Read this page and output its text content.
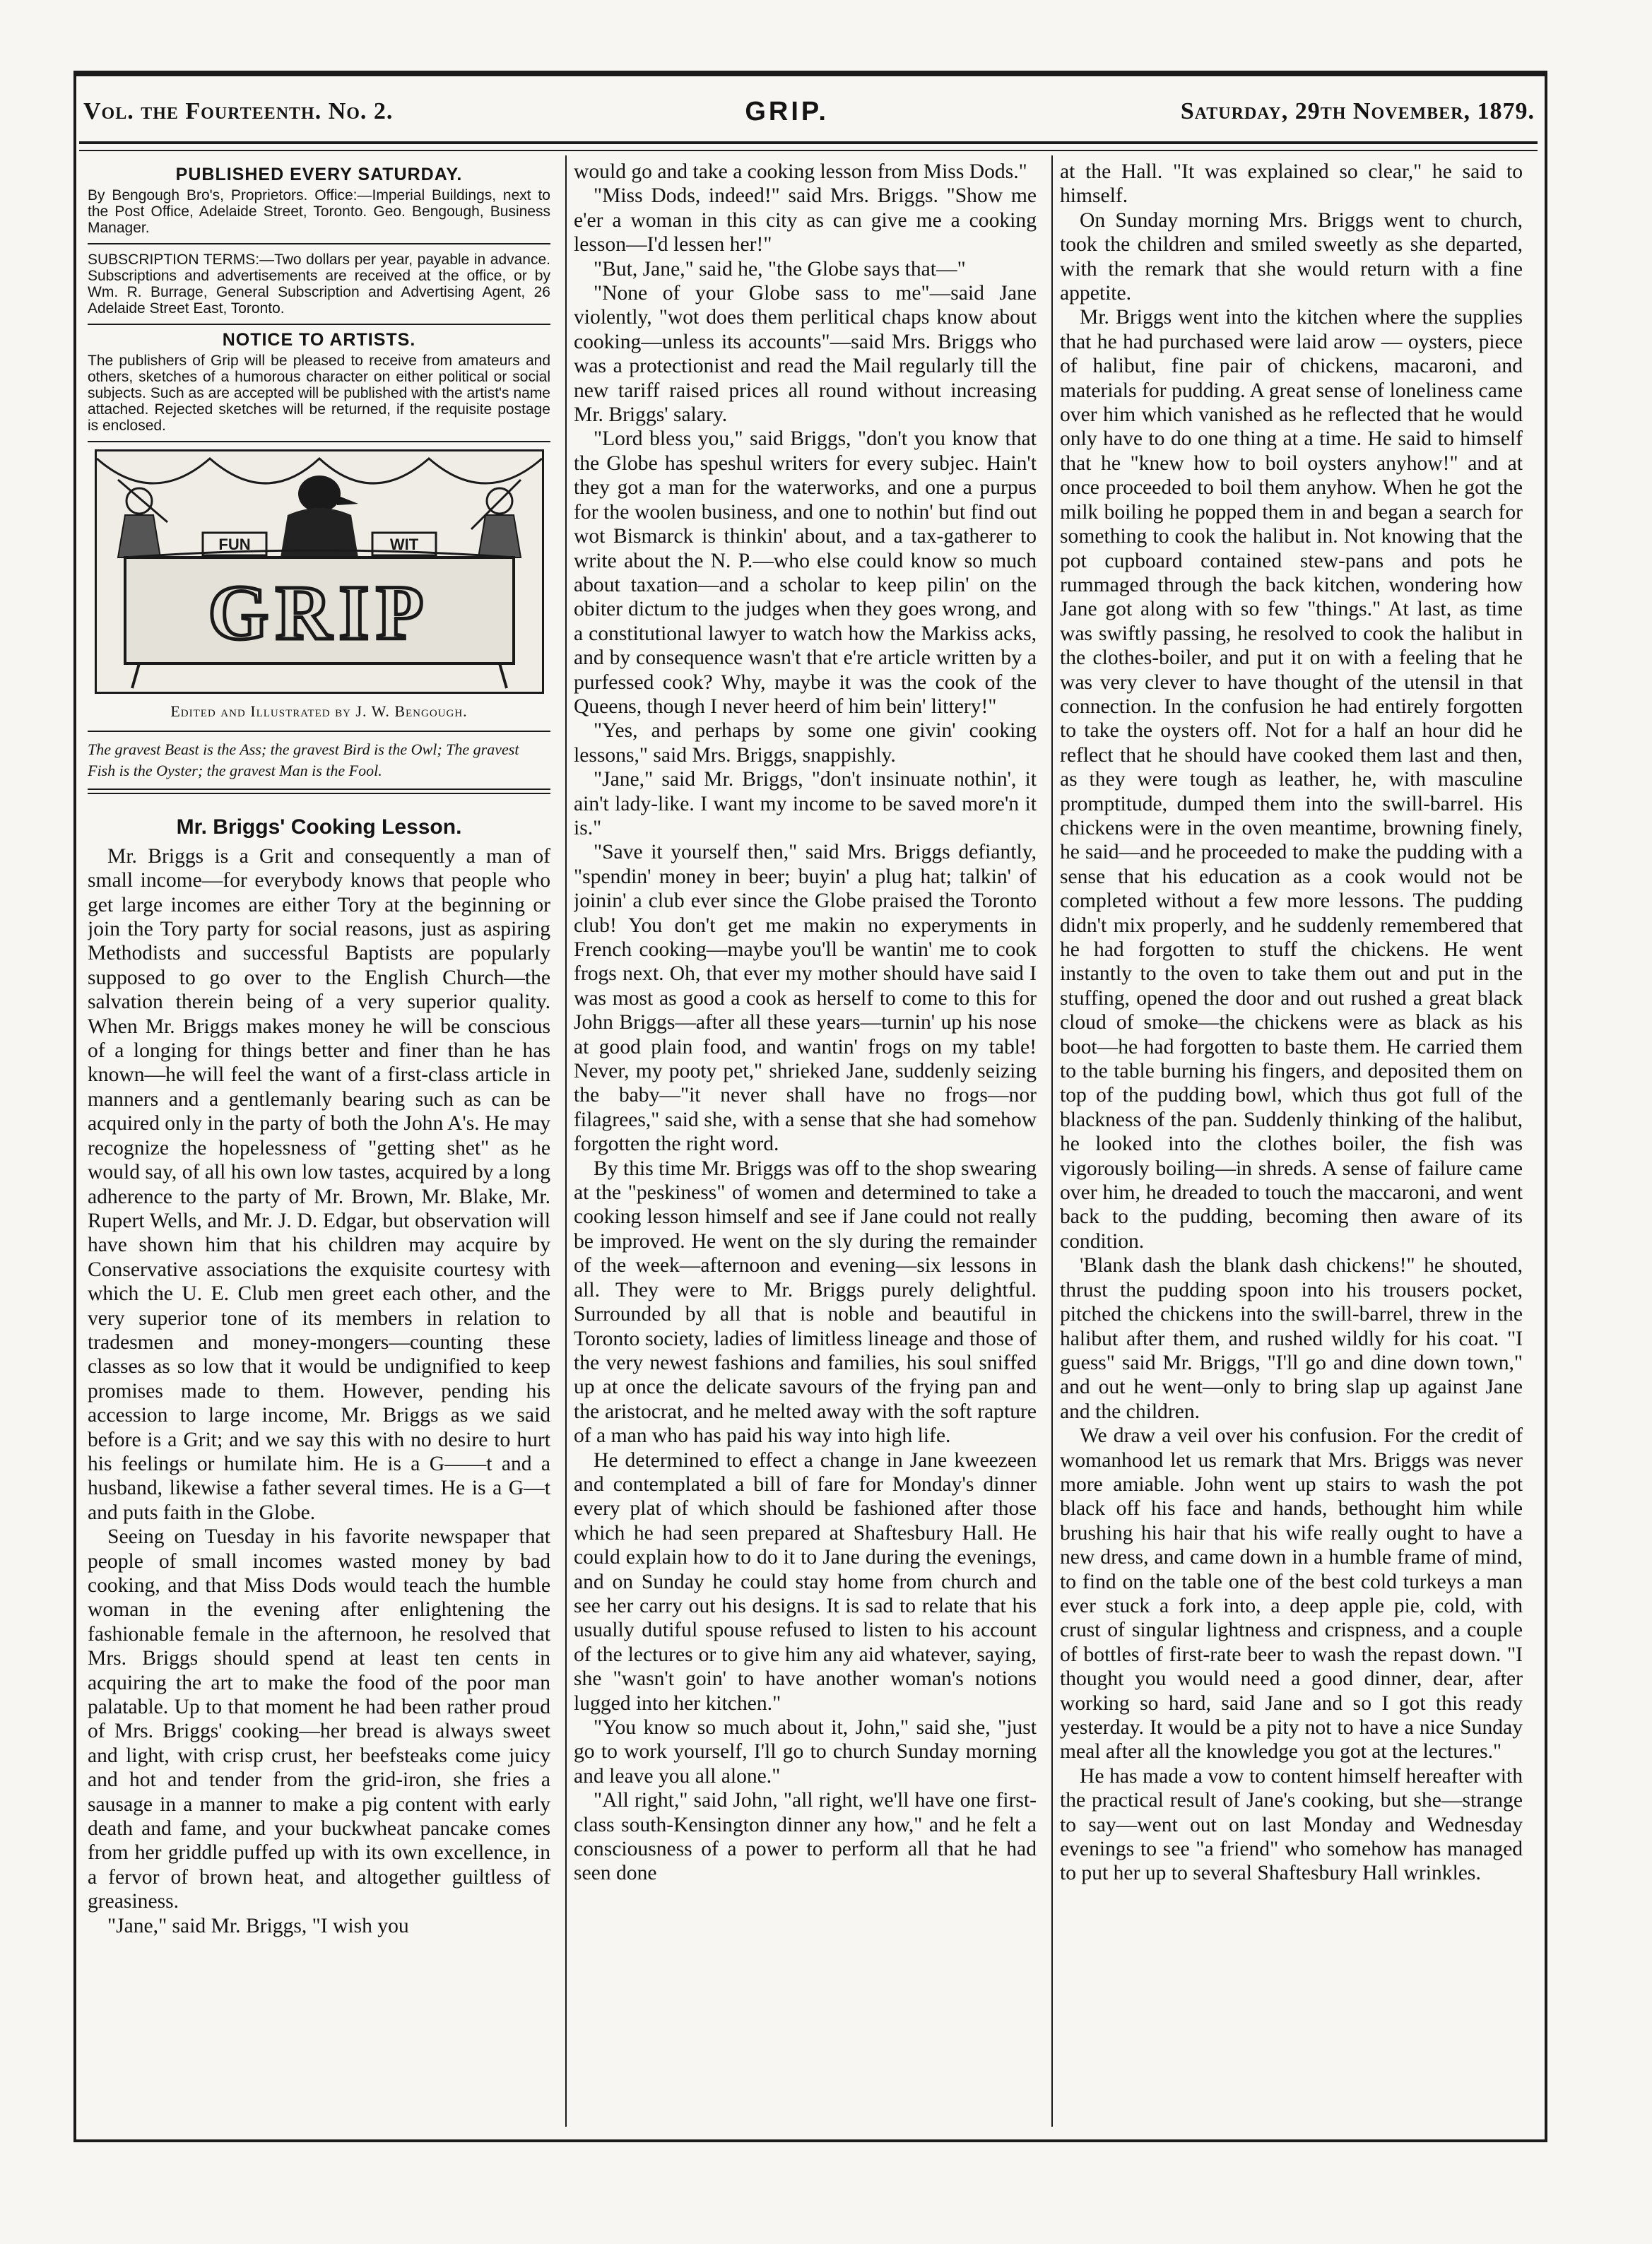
Vol. the Fourteenth. No. 2.	GRIP.	Saturday, 29th November, 1879.
PUBLISHED EVERY SATURDAY.

By Bengough Bro's, Proprietors. Office:—Imperial Buildings, next to the Post Office, Adelaide Street, Toronto. Geo. Bengough, Business Manager.

SUBSCRIPTION TERMS:—Two dollars per year, payable in advance. Subscriptions and advertisements are received at the office, or by Wm. R. Burrage, General Subscription and Advertising Agent, 26 Adelaide Street East, Toronto.

NOTICE TO ARTISTS.

The publishers of Grip will be pleased to receive from amateurs and others, sketches of a humorous character on either political or social subjects. Such as are accepted will be published with the artist's name attached. Rejected sketches will be returned, if the requisite postage is enclosed.

FUN	WIT
GRIP
Edited and Illustrated by J. W. Bengough.
The gravest Beast is the Ass; the gravest Bird is the Owl; The gravest Fish is the Oyster; the gravest Man is the Fool.
Mr. Briggs' Cooking Lesson.

Mr. Briggs is a Grit and consequently a man of small income—for everybody knows that people who get large incomes are either Tory at the beginning or join the Tory party for social reasons, just as aspiring Methodists and successful Baptists are popularly supposed to go over to the English Church—the salvation therein being of a very superior quality. When Mr. Briggs makes money he will be conscious of a longing for things better and finer than he has known—he will feel the want of a first-class article in manners and a gentlemanly bearing such as can be acquired only in the party of both the John A's. He may recognize the hopelessness of "getting shet" as he would say, of all his own low tastes, acquired by a long adherence to the party of Mr. Brown, Mr. Blake, Mr. Rupert Wells, and Mr. J. D. Edgar, but observation will have shown him that his children may acquire by Conservative associations the exquisite courtesy with which the U. E. Club men greet each other, and the very superior tone of its members in relation to tradesmen and money-mongers—counting these classes as so low that it would be undignified to keep promises made to them. However, pending his accession to large income, Mr. Briggs as we said before is a Grit; and we say this with no desire to hurt his feelings or humilate him. He is a G——t and a husband, likewise a father several times. He is a G—t and puts faith in the Globe.

Seeing on Tuesday in his favorite newspaper that people of small incomes wasted money by bad cooking, and that Miss Dods would teach the humble woman in the evening after enlightening the fashionable female in the afternoon, he resolved that Mrs. Briggs should spend at least ten cents in acquiring the art to make the food of the poor man palatable. Up to that moment he had been rather proud of Mrs. Briggs' cooking—her bread is always sweet and light, with crisp crust, her beefsteaks come juicy and hot and tender from the grid-iron, she fries a sausage in a manner to make a pig content with early death and fame, and your buckwheat pancake comes from her griddle puffed up with its own excellence, in a fervor of brown heat, and altogether guiltless of greasiness.

"Jane," said Mr. Briggs, "I wish you

would go and take a cooking lesson from Miss Dods."

"Miss Dods, indeed!" said Mrs. Briggs. "Show me e'er a woman in this city as can give me a cooking lesson—I'd lessen her!"

"But, Jane," said he, "the Globe says that—"

"None of your Globe sass to me"—said Jane violently, "wot does them perlitical chaps know about cooking—unless its accounts"—said Mrs. Briggs who was a protectionist and read the Mail regularly till the new tariff raised prices all round without increasing Mr. Briggs' salary.

"Lord bless you," said Briggs, "don't you know that the Globe has speshul writers for every subjec. Hain't they got a man for the waterworks, and one a purpus for the woolen business, and one to nothin' but find out wot Bismarck is thinkin' about, and a tax-gatherer to write about the N. P.—who else could know so much about taxation—and a scholar to keep pilin' on the obiter dictum to the judges when they goes wrong, and a constitutional lawyer to watch how the Markiss acks, and by consequence wasn't that e're article written by a purfessed cook? Why, maybe it was the cook of the Queens, though I never heerd of him bein' littery!"

"Yes, and perhaps by some one givin' cooking lessons," said Mrs. Briggs, snappishly.

"Jane," said Mr. Briggs, "don't insinuate nothin', it ain't lady-like. I want my income to be saved more'n it is."

"Save it yourself then," said Mrs. Briggs defiantly, "spendin' money in beer; buyin' a plug hat; talkin' of joinin' a club ever since the Globe praised the Toronto club! You don't get me makin no experyments in French cooking—maybe you'll be wantin' me to cook frogs next. Oh, that ever my mother should have said I was most as good a cook as herself to come to this for John Briggs—after all these years—turnin' up his nose at good plain food, and wantin' frogs on my table! Never, my pooty pet," shrieked Jane, suddenly seizing the baby—"it never shall have no frogs—nor filagrees," said she, with a sense that she had somehow forgotten the right word.

By this time Mr. Briggs was off to the shop swearing at the "peskiness" of women and determined to take a cooking lesson himself and see if Jane could not really be improved. He went on the sly during the remainder of the week—afternoon and evening—six lessons in all. They were to Mr. Briggs purely delightful. Surrounded by all that is noble and beautiful in Toronto society, ladies of limitless lineage and those of the very newest fashions and families, his soul sniffed up at once the delicate savours of the frying pan and the aristocrat, and he melted away with the soft rapture of a man who has paid his way into high life.

He determined to effect a change in Jane kweezeen and contemplated a bill of fare for Monday's dinner every plat of which should be fashioned after those which he had seen prepared at Shaftesbury Hall. He could explain how to do it to Jane during the evenings, and on Sunday he could stay home from church and see her carry out his designs. It is sad to relate that his usually dutiful spouse refused to listen to his account of the lectures or to give him any aid whatever, saying, she "wasn't goin' to have another woman's notions lugged into her kitchen."

"You know so much about it, John," said she, "just go to work yourself, I'll go to church Sunday morning and leave you all alone."

"All right," said John, "all right, we'll have one first-class south-Kensington dinner any how," and he felt a consciousness of a power to perform all that he had seen done

at the Hall. "It was explained so clear," he said to himself.

On Sunday morning Mrs. Briggs went to church, took the children and smiled sweetly as she departed, with the remark that she would return with a fine appetite.

Mr. Briggs went into the kitchen where the supplies that he had purchased were laid arow — oysters, piece of halibut, fine pair of chickens, macaroni, and materials for pudding. A great sense of loneliness came over him which vanished as he reflected that he would only have to do one thing at a time. He said to himself that he "knew how to boil oysters anyhow!" and at once proceeded to boil them anyhow. When he got the milk boiling he popped them in and began a search for something to cook the halibut in. Not knowing that the pot cupboard contained stew-pans and pots he rummaged through the back kitchen, wondering how Jane got along with so few "things." At last, as time was swiftly passing, he resolved to cook the halibut in the clothes-boiler, and put it on with a feeling that he was very clever to have thought of the utensil in that connection. In the confusion he had entirely forgotten to take the oysters off. Not for a half an hour did he reflect that he should have cooked them last and then, as they were tough as leather, he, with masculine promptitude, dumped them into the swill-barrel. His chickens were in the oven meantime, browning finely, he said—and he proceeded to make the pudding with a sense that his education as a cook would not be completed without a few more lessons. The pudding didn't mix properly, and he suddenly remembered that he had forgotten to stuff the chickens. He went instantly to the oven to take them out and put in the stuffing, opened the door and out rushed a great black cloud of smoke—the chickens were as black as his boot—he had forgotten to baste them. He carried them to the table burning his fingers, and deposited them on top of the pudding bowl, which thus got full of the blackness of the pan. Suddenly thinking of the halibut, he looked into the clothes boiler, the fish was vigorously boiling—in shreds. A sense of failure came over him, he dreaded to touch the maccaroni, and went back to the pudding, becoming then aware of its condition.

'Blank dash the blank dash chickens!" he shouted, thrust the pudding spoon into his trousers pocket, pitched the chickens into the swill-barrel, threw in the halibut after them, and rushed wildly for his coat. "I guess" said Mr. Briggs, "I'll go and dine down town," and out he went—only to bring slap up against Jane and the children.

We draw a veil over his confusion. For the credit of womanhood let us remark that Mrs. Briggs was never more amiable. John went up stairs to wash the pot black off his face and hands, bethought him while brushing his hair that his wife really ought to have a new dress, and came down in a humble frame of mind, to find on the table one of the best cold turkeys a man ever stuck a fork into, a deep apple pie, cold, with crust of singular lightness and crispness, and a couple of bottles of first-rate beer to wash the repast down. "I thought you would need a good dinner, dear, after working so hard, said Jane and so I got this ready yesterday. It would be a pity not to have a nice Sunday meal after all the knowledge you got at the lectures."

He has made a vow to content himself hereafter with the practical result of Jane's cooking, but she—strange to say—went out on last Monday and Wednesday evenings to see "a friend" who somehow has managed to put her up to several Shaftesbury Hall wrinkles.
